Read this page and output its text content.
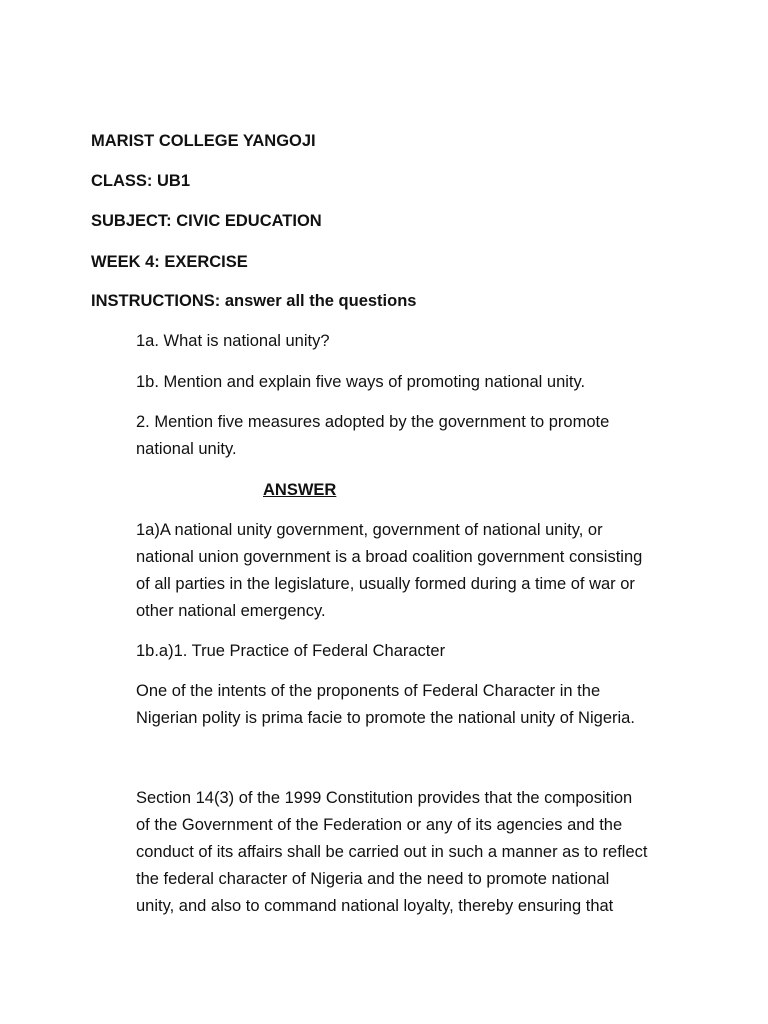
MARIST COLLEGE YANGOJI
CLASS: UB1
SUBJECT: CIVIC EDUCATION
WEEK 4: EXERCISE
INSTRUCTIONS: answer all the questions
1a. What is national unity?
1b. Mention and explain five ways of promoting national unity.
2. Mention five measures adopted by the government to promote
national unity.
ANSWER
1a)A national unity government, government of national unity, or
national union government is a broad coalition government consisting
of all parties in the legislature, usually formed during a time of war or
other national emergency.
1b.a)1. True Practice of Federal Character
One of the intents of the proponents of Federal Character in the
Nigerian polity is prima facie to promote the national unity of Nigeria.
Section 14(3) of the 1999 Constitution provides that the composition
of the Government of the Federation or any of its agencies and the
conduct of its affairs shall be carried out in such a manner as to reflect
the federal character of Nigeria and the need to promote national
unity, and also to command national loyalty, thereby ensuring that
